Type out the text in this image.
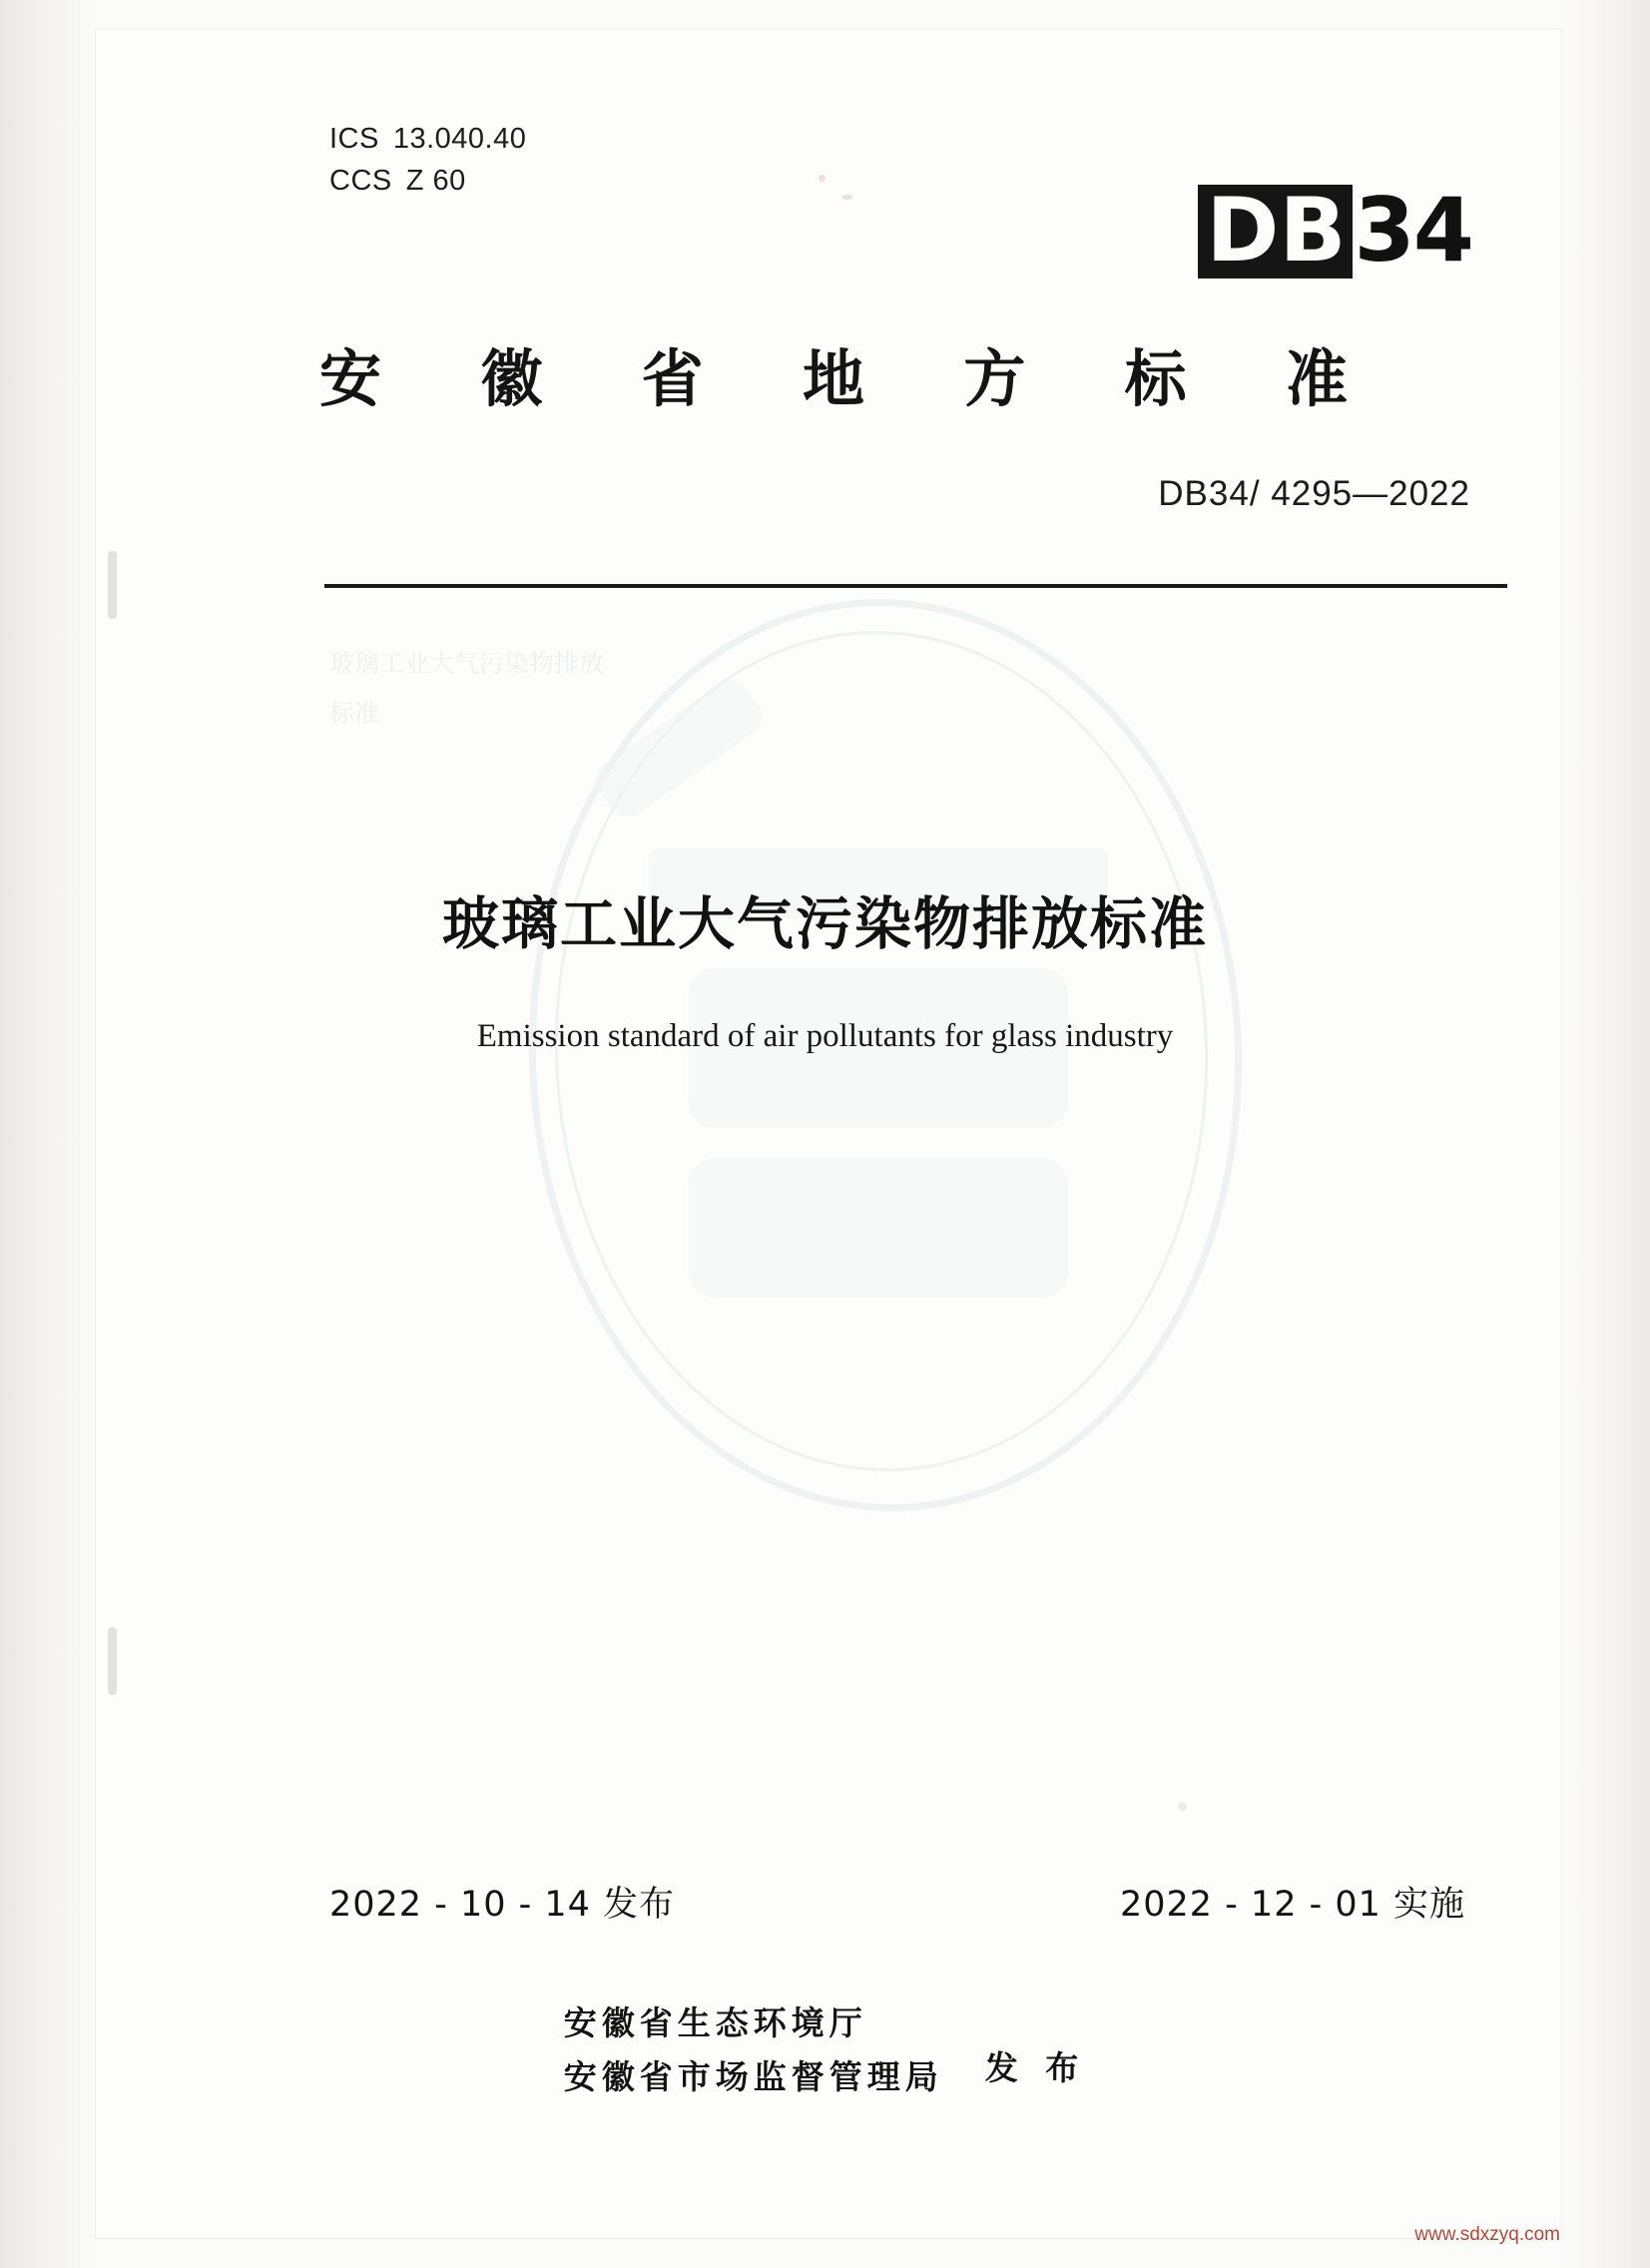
ICS 13.040.40
CCS Z 60	DB34
安 徽 省 地 方 标 准
DB34/ 4295—2022
玻璃工业大气污染物排放标准
玻璃工业大气污染物排放标准
Emission standard of air pollutants for glass industry
2022 - 10 - 14 发布	2022 - 12 - 01 实施
安徽省生态环境厅
安徽省市场监督管理局 发 布
www.sdxzyq.com
